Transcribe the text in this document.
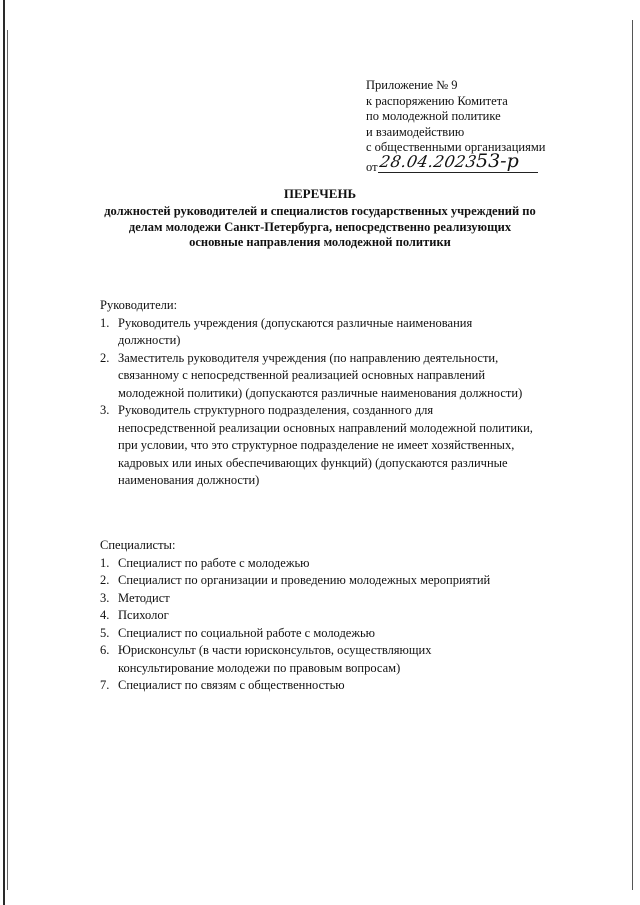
Приложение № 9
к распоряжению Комитета
по молодежной политике
и взаимодействию
с общественными организациями
от 28.04.2023
53-р
ПЕРЕЧЕНЬ
должностей руководителей и специалистов государственных учреждений по
делам молодежи Санкт-Петербурга, непосредственно реализующих
основные направления молодежной политики
Руководители:
1. Руководитель учреждения (допускаются различные наименования
должности)
2. Заместитель руководителя учреждения (по направлению деятельности,
связанному с непосредственной реализацией основных направлений
молодежной политики) (допускаются различные наименования должности)
3. Руководитель структурного подразделения, созданного для
непосредственной реализации основных направлений молодежной политики,
при условии, что это структурное подразделение не имеет хозяйственных,
кадровых или иных обеспечивающих функций) (допускаются различные
наименования должности)
Специалисты:
1. Специалист по работе с молодежью
2. Специалист по организации и проведению молодежных мероприятий
3. Методист
4. Психолог
5. Специалист по социальной работе с молодежью
6. Юрисконсульт (в части юрисконсультов, осуществляющих
консультирование молодежи по правовым вопросам)
7. Специалист по связям с общественностью
